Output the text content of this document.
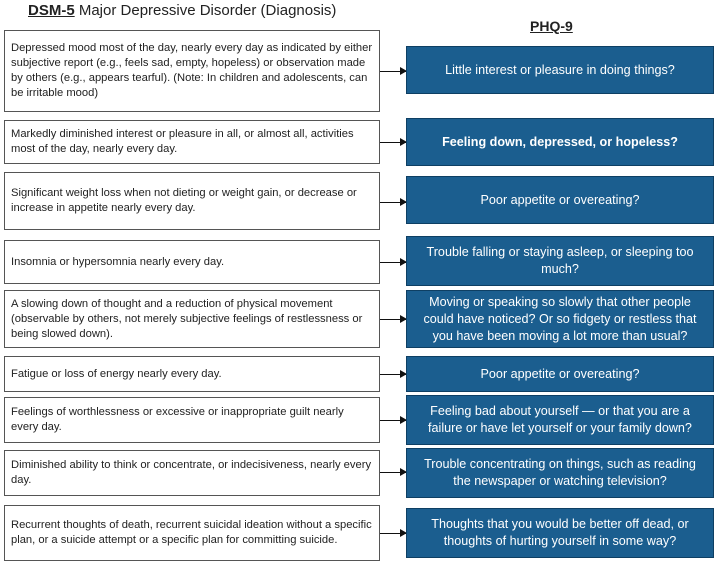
DSM-5 Major Depressive Disorder (Diagnosis)
PHQ-9
Depressed mood most of the day, nearly every day as indicated by either subjective report (e.g., feels sad, empty, hopeless) or observation made by others (e.g., appears tearful). (Note: In children and adolescents, can be irritable mood)
Little interest or pleasure in doing things?
Markedly diminished interest or pleasure in all, or almost all, activities most of the day, nearly every day.
Feeling down, depressed, or hopeless?
Significant weight loss when not dieting or weight gain, or decrease or increase in appetite nearly every day.
Poor appetite or overeating?
Insomnia or hypersomnia nearly every day.
Trouble falling or staying asleep, or sleeping too much?
A slowing down of thought and a reduction of physical movement (observable by others, not merely subjective feelings of restlessness or being slowed down).
Moving or speaking so slowly that other people could have noticed? Or so fidgety or restless that you have been moving a lot more than usual?
Fatigue or loss of energy nearly every day.	Poor appetite or overeating?
Feelings of worthlessness or excessive or inappropriate guilt nearly every day.
Feeling bad about yourself — or that you are a failure or have let yourself or your family down?
Diminished ability to think or concentrate, or indecisiveness, nearly every day.
Trouble concentrating on things, such as reading the newspaper or watching television?
Recurrent thoughts of death, recurrent suicidal ideation without a specific plan, or a suicide attempt or a specific plan for committing suicide.
Thoughts that you would be better off dead, or thoughts of hurting yourself in some way?
